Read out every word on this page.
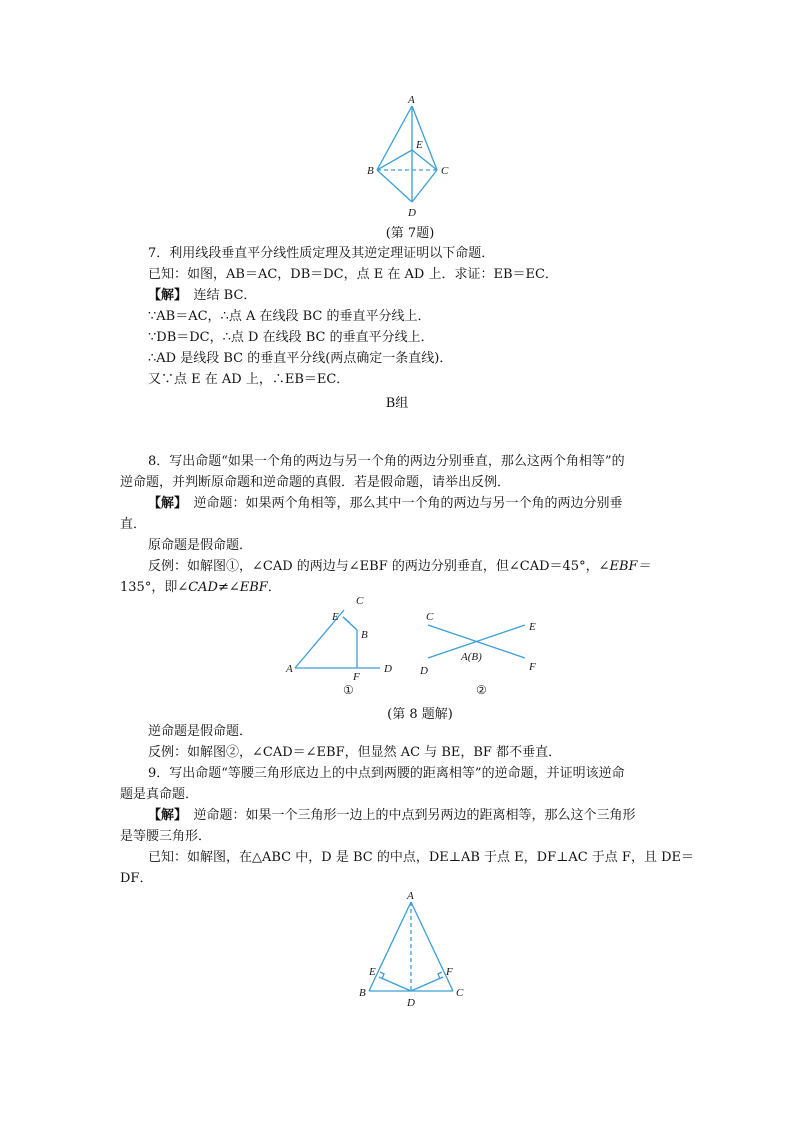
A
B	C
D
E
(第 7题)
7．利用线段垂直平分线性质定理及其逆定理证明以下命题．
已知：如图，AB＝AC，DB＝DC，点 E 在 AD 上．求证：EB＝EC．
【解】　连结 BC．
∵AB＝AC，∴点 A 在线段 BC 的垂直平分线上．
∵DB＝DC，∴点 D 在线段 BC 的垂直平分线上．
∴AD 是线段 BC 的垂直平分线(两点确定一条直线)．
又∵点 E 在 AD 上，∴EB＝EC．
B组
8．写出命题“如果一个角的两边与另一个角的两边分别垂直，那么这两个角相等”的
逆命题，并判断原命题和逆命题的真假．若是假命题，请举出反例．
【解】　逆命题：如果两个角相等，那么其中一个角的两边与另一个角的两边分别垂
直．
原命题是假命题．
反例：如解图①，∠CAD 的两边与∠EBF 的两边分别垂直，但∠CAD＝45°，∠EBF＝
135°，即∠CAD≠∠EBF．
C
E
B
A
F
D
①
C
E
A(B)
D	F
②
(第 8 题解)
逆命题是假命题．
反例：如解图②，∠CAD＝∠EBF，但显然 AC 与 BE，BF 都不垂直．
9．写出命题“等腰三角形底边上的中点到两腰的距离相等”的逆命题，并证明该逆命
题是真命题．
【解】　逆命题：如果一个三角形一边上的中点到另两边的距离相等，那么这个三角形
是等腰三角形．
已知：如解图，在△ABC 中，D 是 BC 的中点，DE⊥AB 于点 E，DF⊥AC 于点 F，且 DE＝
DF．
A
B	C
D
E	F
